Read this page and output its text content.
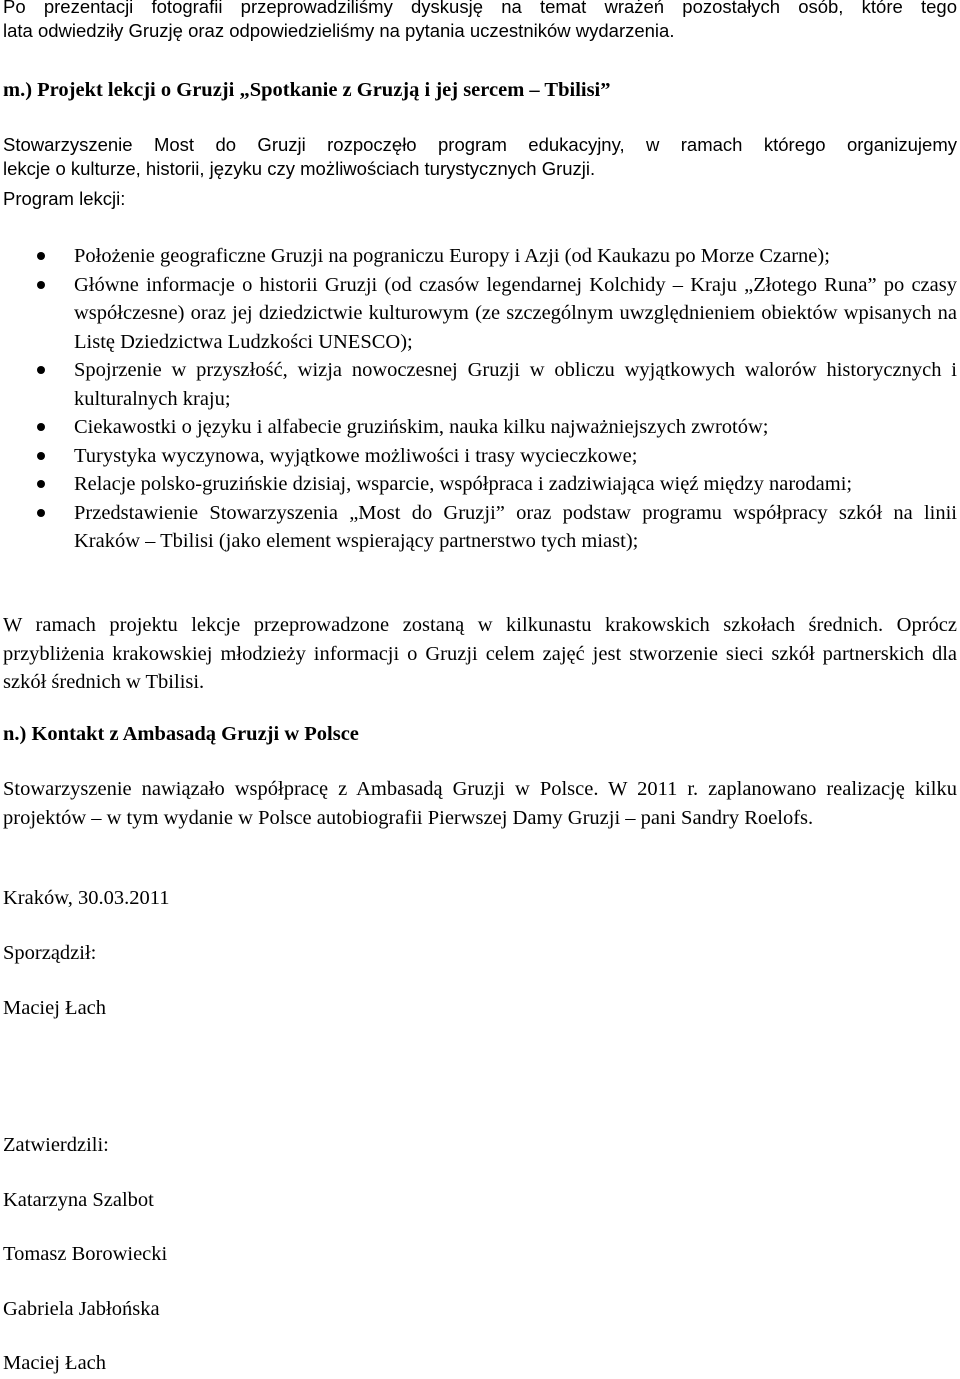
Po prezentacji fotografii przeprowadziliśmy dyskusję na temat wrażeń pozostałych osób, które tego
lata odwiedziły Gruzję oraz odpowiedzieliśmy na pytania uczestników wydarzenia.
m.) Projekt lekcji o Gruzji „Spotkanie z Gruzją i jej sercem – Tbilisi”
Stowarzyszenie Most do Gruzji rozpoczęło program edukacyjny, w ramach którego organizujemy
lekcje o kulturze, historii, języku czy możliwościach turystycznych Gruzji.
Program lekcji:
Położenie geograficzne Gruzji na pograniczu Europy i Azji (od Kaukazu po Morze Czarne);
Główne informacje o historii Gruzji (od czasów legendarnej Kolchidy – Kraju „Złotego Runa” po czasy współczesne) oraz jej dziedzictwie kulturowym (ze szczególnym uwzględnieniem obiektów wpisanych na Listę Dziedzictwa Ludzkości UNESCO);
Spojrzenie w przyszłość, wizja nowoczesnej Gruzji w obliczu wyjątkowych walorów historycznych i kulturalnych kraju;
Ciekawostki o języku i alfabecie gruzińskim, nauka kilku najważniejszych zwrotów;
Turystyka wyczynowa, wyjątkowe możliwości i trasy wycieczkowe;
Relacje polsko-gruzińskie dzisiaj, wsparcie, współpraca i zadziwiająca więź między narodami;
Przedstawienie Stowarzyszenia „Most do Gruzji” oraz podstaw programu współpracy szkół na linii Kraków – Tbilisi (jako element wspierający partnerstwo tych miast);
W ramach projektu lekcje przeprowadzone zostaną w kilkunastu krakowskich szkołach średnich. Oprócz przybliżenia krakowskiej młodzieży informacji o Gruzji celem zajęć jest stworzenie sieci szkół partnerskich dla szkół średnich w Tbilisi.
n.) Kontakt z Ambasadą Gruzji w Polsce
Stowarzyszenie nawiązało współpracę z Ambasadą Gruzji w Polsce. W 2011 r. zaplanowano realizację kilku projektów – w tym wydanie w Polsce autobiografii Pierwszej Damy Gruzji – pani Sandry Roelofs.
Kraków, 30.03.2011
Sporządził:
Maciej Łach
Zatwierdzili:
Katarzyna Szalbot
Tomasz Borowiecki
Gabriela Jabłońska
Maciej Łach
